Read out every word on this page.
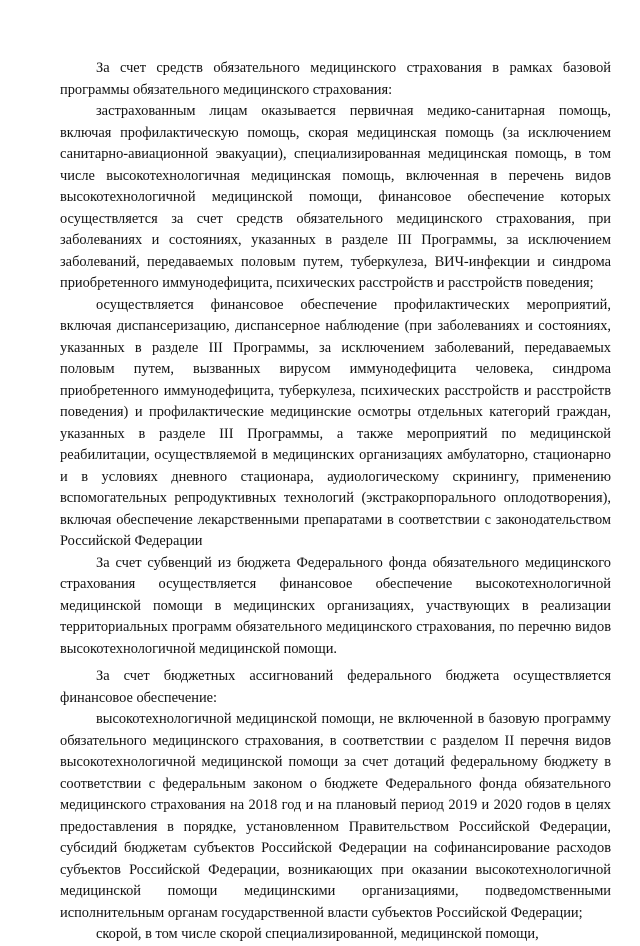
За счет средств обязательного медицинского страхования в рамках базовой программы обязательного медицинского страхования:

застрахованным лицам оказывается первичная медико-санитарная помощь, включая профилактическую помощь, скорая медицинская помощь (за исключением санитарно-авиационной эвакуации), специализированная медицинская помощь, в том числе высокотехнологичная медицинская помощь, включенная в перечень видов высокотехнологичной медицинской помощи, финансовое обеспечение которых осуществляется за счет средств обязательного медицинского страхования, при заболеваниях и состояниях, указанных в разделе III Программы, за исключением заболеваний, передаваемых половым путем, туберкулеза, ВИЧ-инфекции и синдрома приобретенного иммунодефицита, психических расстройств и расстройств поведения;

осуществляется финансовое обеспечение профилактических мероприятий, включая диспансеризацию, диспансерное наблюдение (при заболеваниях и состояниях, указанных в разделе III Программы, за исключением заболеваний, передаваемых половым путем, вызванных вирусом иммунодефицита человека, синдрома приобретенного иммунодефицита, туберкулеза, психических расстройств и расстройств поведения) и профилактические медицинские осмотры отдельных категорий граждан, указанных в разделе III Программы, а также мероприятий по медицинской реабилитации, осуществляемой в медицинских организациях амбулаторно, стационарно и в условиях дневного стационара, аудиологическому скринингу, применению вспомогательных репродуктивных технологий (экстракорпорального оплодотворения), включая обеспечение лекарственными препаратами в соответствии с законодательством Российской Федерации

За счет субвенций из бюджета Федерального фонда обязательного медицинского страхования осуществляется финансовое обеспечение высокотехнологичной медицинской помощи в медицинских организациях, участвующих в реализации территориальных программ обязательного медицинского страхования, по перечню видов высокотехнологичной медицинской помощи.

За счет бюджетных ассигнований федерального бюджета осуществляется финансовое обеспечение:

высокотехнологичной медицинской помощи, не включенной в базовую программу обязательного медицинского страхования, в соответствии с разделом II перечня видов высокотехнологичной медицинской помощи за счет дотаций федеральному бюджету в соответствии с федеральным законом о бюджете Федерального фонда обязательного медицинского страхования на 2018 год и на плановый период 2019 и 2020 годов в целях предоставления в порядке, установленном Правительством Российской Федерации, субсидий бюджетам субъектов Российской Федерации на софинансирование расходов субъектов Российской Федерации, возникающих при оказании высокотехнологичной медицинской помощи медицинскими организациями, подведомственными исполнительным органам государственной власти субъектов Российской Федерации;

скорой, в том числе скорой специализированной, медицинской помощи,
